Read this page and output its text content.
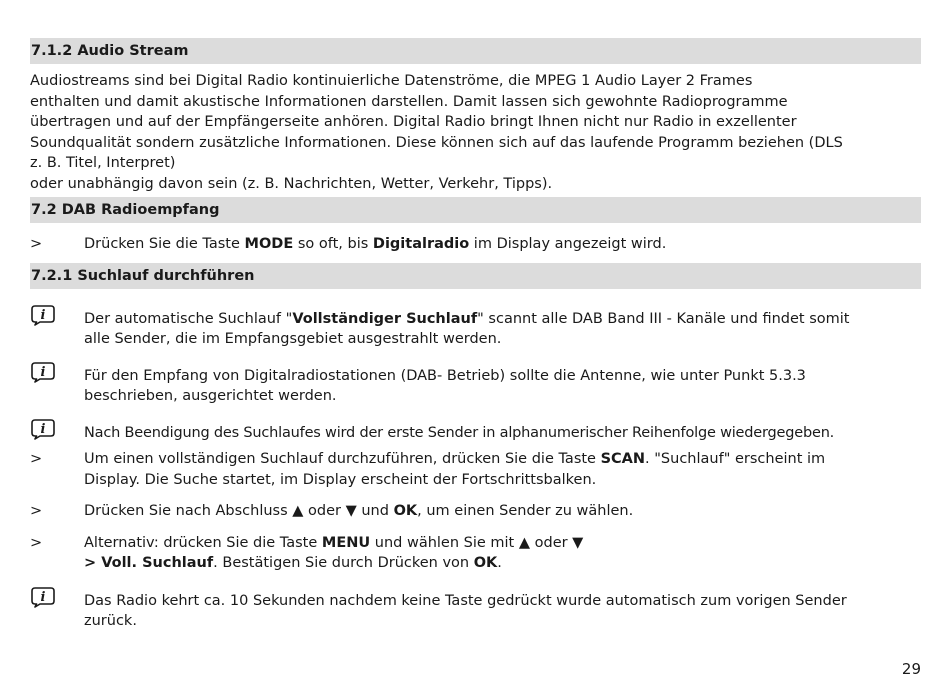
7.1.2 Audio Stream

Audiostreams sind bei Digital Radio kontinuierliche Datenströme, die MPEG 1 Audio Layer 2 Frames

enthalten und damit akustische Informationen darstellen. Damit lassen sich gewohnte Radioprogramme

übertragen und auf der Empfängerseite anhören. Digital Radio bringt Ihnen nicht nur Radio in exzellenter

Soundqualität sondern zusätzliche Informationen. Diese können sich auf das laufende Programm beziehen (DLS

z. B. Titel, Interpret)

oder unabhängig davon sein (z. B. Nachrichten, Wetter, Verkehr, Tipps).

7.2 DAB Radioempfang
>	Drücken Sie die Taste MODE so oft, bis Digitalradio im Display angezeigt wird.
7.2.1 Suchlauf durchführen
i	Der automatische Suchlauf "Vollständiger Suchlauf" scannt alle DAB Band III - Kanäle und findet somit
alle Sender, die im Empfangsgebiet ausgestrahlt werden.
i	Für den Empfang von Digitalradiostationen (DAB- Betrieb) sollte die Antenne, wie unter Punkt 5.3.3
beschrieben, ausgerichtet werden.
i	Nach Beendigung des Suchlaufes wird der erste Sender in alphanumerischer Reihenfolge wiedergegeben.
>	Um einen vollständigen Suchlauf durchzuführen, drücken Sie die Taste SCAN. "Suchlauf" erscheint im
Display. Die Suche startet, im Display erscheint der Fortschrittsbalken.
>	Drücken Sie nach Abschluss ▲ oder ▼ und OK, um einen Sender zu wählen.
>	Alternativ: drücken Sie die Taste MENU und wählen Sie mit ▲ oder ▼
> Voll. Suchlauf. Bestätigen Sie durch Drücken von OK.
i	Das Radio kehrt ca. 10 Sekunden nachdem keine Taste gedrückt wurde automatisch zum vorigen Sender
zurück.
29
